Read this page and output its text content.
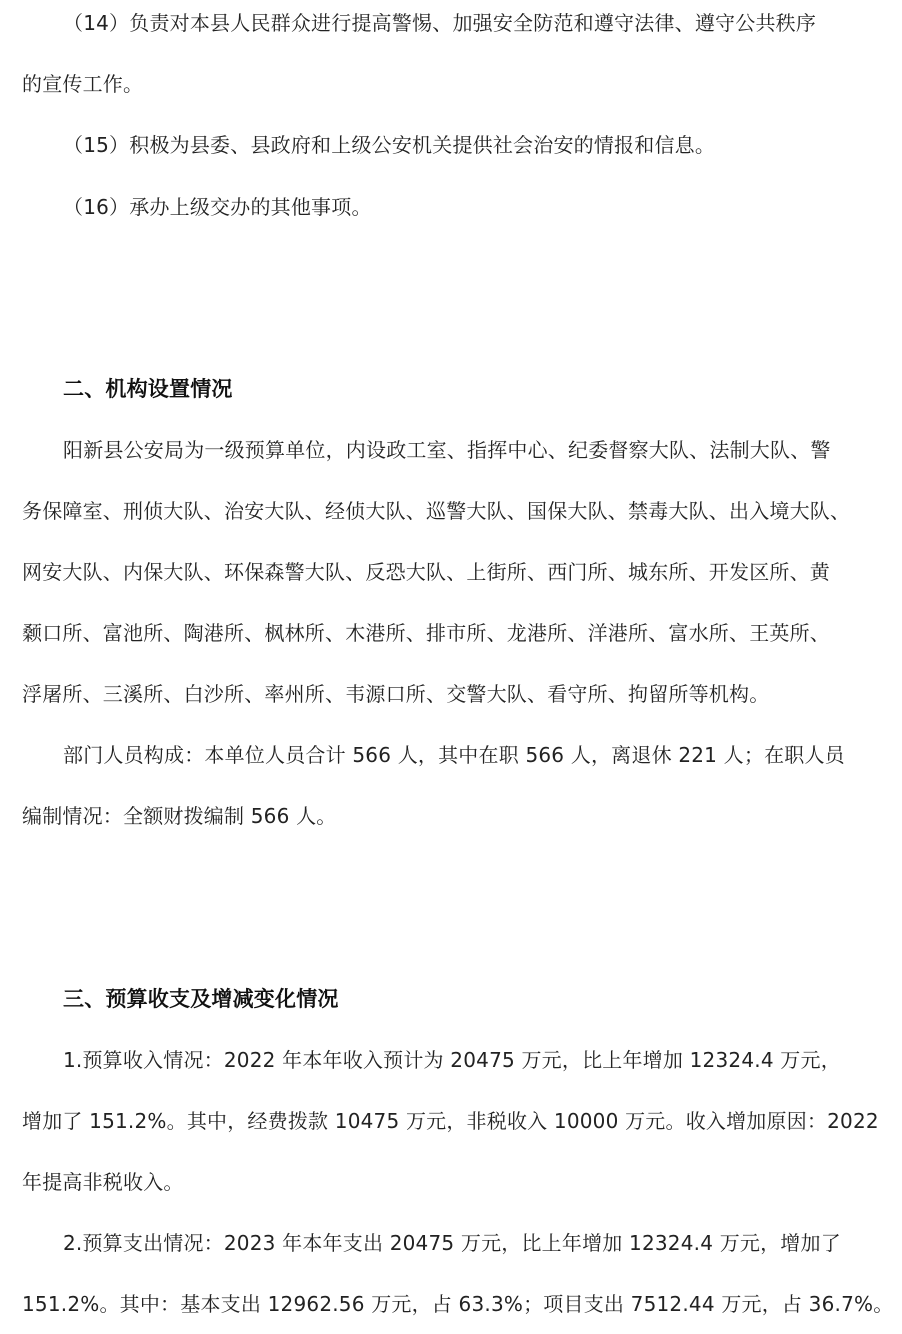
（14）负责对本县人民群众进行提高警惕、加强安全防范和遵守法律、遵守公共秩序
的宣传工作。
（15）积极为县委、县政府和上级公安机关提供社会治安的情报和信息。
（16）承办上级交办的其他事项。
二、机构设置情况
阳新县公安局为一级预算单位，内设政工室、指挥中心、纪委督察大队、法制大队、警
务保障室、刑侦大队、治安大队、经侦大队、巡警大队、国保大队、禁毒大队、出入境大队、
网安大队、内保大队、环保森警大队、反恐大队、上街所、西门所、城东所、开发区所、黄
颡口所、富池所、陶港所、枫林所、木港所、排市所、龙港所、洋港所、富水所、王英所、
浮屠所、三溪所、白沙所、率州所、韦源口所、交警大队、看守所、拘留所等机构。
部门人员构成：本单位人员合计 566 人，其中在职 566 人，离退休 221 人；在职人员
编制情况：全额财拨编制 566 人。
三、预算收支及增减变化情况
1.预算收入情况：2022 年本年收入预计为 20475 万元，比上年增加 12324.4 万元，
增加了 151.2%。其中，经费拨款 10475 万元，非税收入 10000 万元。收入增加原因：2022
年提高非税收入。
2.预算支出情况：2023 年本年支出 20475 万元，比上年增加 12324.4 万元，增加了
151.2%。其中：基本支出 12962.56 万元，占 63.3%；项目支出 7512.44 万元，占 36.7%。
